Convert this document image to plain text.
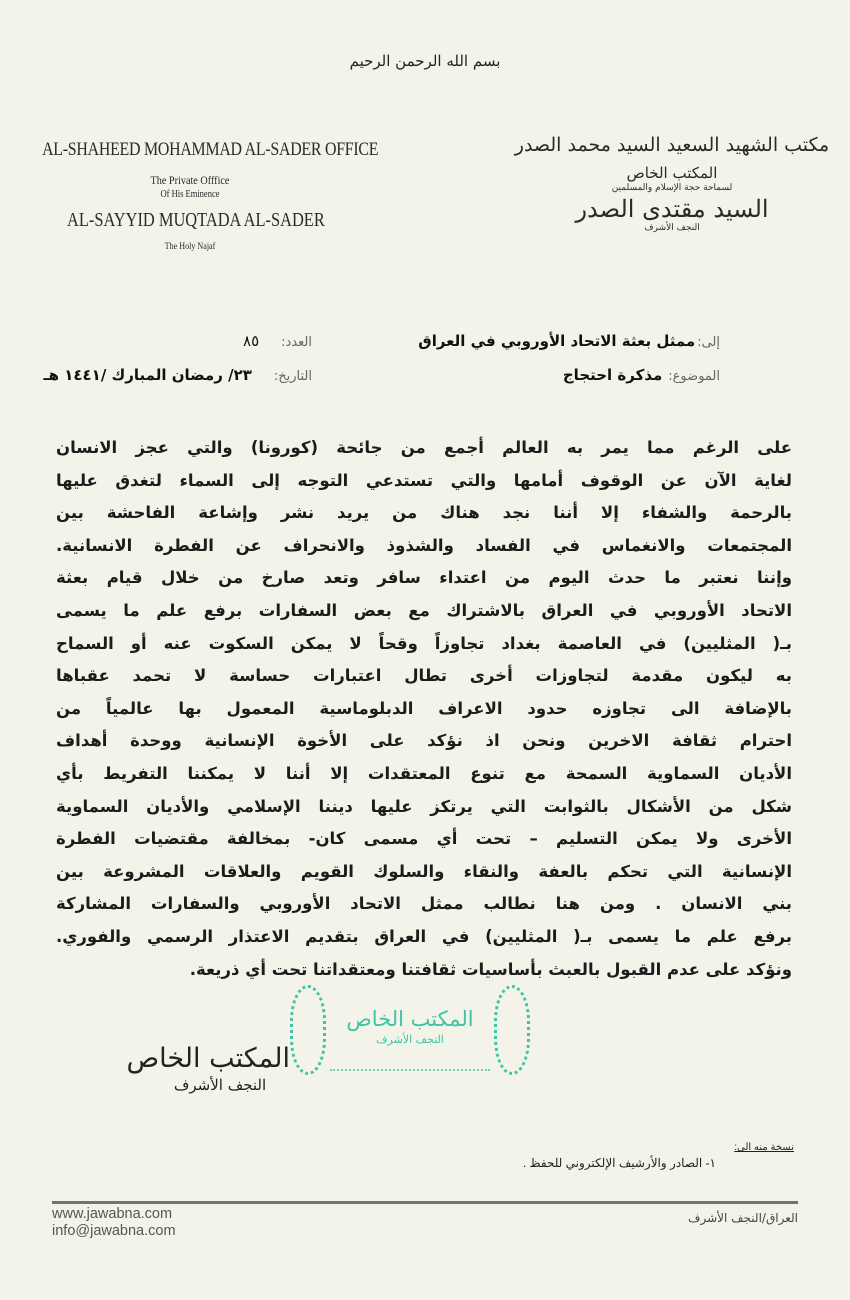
بسم الله الرحمن الرحيم
AL-SHAHEED MOHAMMAD AL-SADER OFFICE
The Private Offfice
Of His Eminence
AL-SAYYID MUQTADA AL-SADER
The Holy Najaf
مكتب الشهيد السعيد السيد محمد الصدر
المكتب الخاص
لسماحة حجة الإسلام والمسلمين
السيد مقتدى الصدر
النجف الأشرف
إلى:ممثل بعثة الاتحاد الأوروبي في العراق
الموضوع:مذكرة احتجاج
العدد:٨٥
التاريخ:٢٣/ رمضان المبارك /١٤٤١ هـ
على الرغم مما يمر به العالم أجمع من جائحة (كورونا) والتي عجز الانسان
لغاية الآن عن الوقوف أمامها والتي تستدعي التوجه إلى السماء لتغدق عليها
بالرحمة والشفاء إلا أننا نجد هناك من يريد نشر وإشاعة الفاحشة بين
المجتمعات والانغماس في الفساد والشذوذ والانحراف عن الفطرة الانسانية.
وإننا نعتبر ما حدث اليوم من اعتداء سافر وتعد صارخ من خلال قيام بعثة
الاتحاد الأوروبي في العراق بالاشتراك مع بعض السفارات برفع علم ما يسمى
بـ( المثليين) في العاصمة بغداد تجاوزاً وقحاً لا يمكن السكوت عنه أو السماح
به ليكون مقدمة لتجاوزات أخرى تطال اعتبارات حساسة لا تحمد عقباها
بالإضافة الى تجاوزه حدود الاعراف الدبلوماسية المعمول بها عالمياً من
احترام ثقافة الاخرين ونحن اذ نؤكد على الأخوة الإنسانية ووحدة أهداف
الأديان السماوية السمحة مع تنوع المعتقدات إلا أننا لا يمكننا التفريط بأي
شكل من الأشكال بالثوابت التي يرتكز عليها ديننا الإسلامي والأديان السماوية
الأخرى ولا يمكن التسليم – تحت أي مسمى كان- بمخالفة مقتضيات الفطرة
الإنسانية التي تحكم بالعفة والنقاء والسلوك القويم والعلاقات المشروعة بين
بني الانسان . ومن هنا نطالب ممثل الاتحاد الأوروبي والسفارات المشاركة
برفع علم ما يسمى بـ( المثليين) في العراق بتقديم الاعتذار الرسمي والفوري.
ونؤكد على عدم القبول بالعبث بأساسيات ثقافتنا ومعتقداتنا تحت أي ذريعة.
المكتب الخاص
النجف الأشرف
المكتب الخاص
النجف الأشرف
نسخة منه الى:
١- الصادر والأرشيف الإلكتروني للحفظ .
www.jawabna.com
info@jawabna.com
العراق/النجف الأشرف
